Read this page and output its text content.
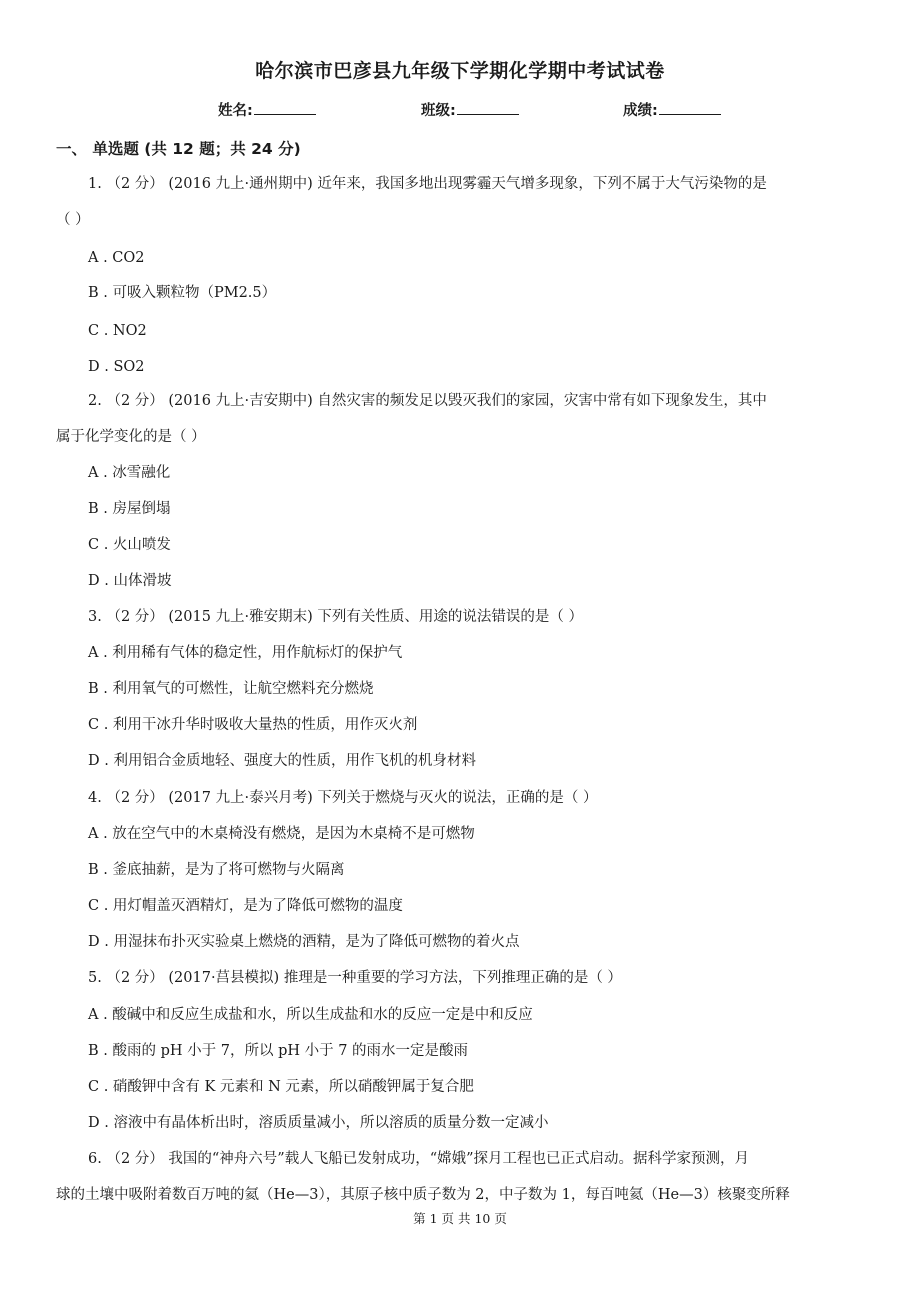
哈尔滨市巴彦县九年级下学期化学期中考试试卷
姓名:	班级:	成绩:
一、 单选题 (共 12 题；共 24 分)
1. （2 分） (2016 九上·通州期中) 近年来，我国多地出现雾霾天气增多现象，下列不属于大气污染物的是
（ ）
A . CO2
B . 可吸入颗粒物（PM2.5）
C . NO2
D . SO2
2. （2 分） (2016 九上·吉安期中) 自然灾害的频发足以毁灭我们的家园，灾害中常有如下现象发生，其中
属于化学变化的是（ ）
A . 冰雪融化
B . 房屋倒塌
C . 火山喷发
D . 山体滑坡
3. （2 分） (2015 九上·雅安期末) 下列有关性质、用途的说法错误的是（ ）
A . 利用稀有气体的稳定性，用作航标灯的保护气
B . 利用氧气的可燃性，让航空燃料充分燃烧
C . 利用干冰升华时吸收大量热的性质，用作灭火剂
D . 利用铝合金质地轻、强度大的性质，用作飞机的机身材料
4. （2 分） (2017 九上·泰兴月考) 下列关于燃烧与灭火的说法，正确的是（ ）
A . 放在空气中的木桌椅没有燃烧，是因为木桌椅不是可燃物
B . 釜底抽薪，是为了将可燃物与火隔离
C . 用灯帽盖灭酒精灯，是为了降低可燃物的温度
D . 用湿抹布扑灭实验桌上燃烧的酒精，是为了降低可燃物的着火点
5. （2 分） (2017·莒县模拟) 推理是一种重要的学习方法，下列推理正确的是（ ）
A . 酸碱中和反应生成盐和水，所以生成盐和水的反应一定是中和反应
B . 酸雨的 pH 小于 7，所以 pH 小于 7 的雨水一定是酸雨
C . 硝酸钾中含有 K 元素和 N 元素，所以硝酸钾属于复合肥
D . 溶液中有晶体析出时，溶质质量减小，所以溶质的质量分数一定减小
6. （2 分） 我国的“神舟六号”载人飞船已发射成功，“嫦娥”探月工程也已正式启动。据科学家预测，月
球的土壤中吸附着数百万吨的氦（He—3），其原子核中质子数为 2，中子数为 1，每百吨氦（He—3）核聚变所释
第 1 页 共 10 页
